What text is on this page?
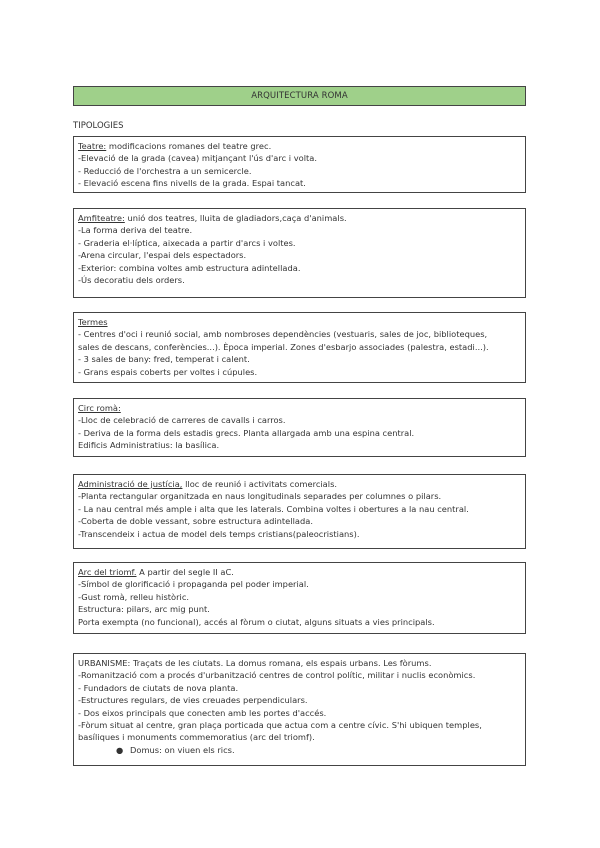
ARQUITECTURA ROMA
TIPOLOGIES
Teatre: modificacions romanes del teatre grec.
-Elevació de la grada (cavea) mitjançant l'ús d'arc i volta.
- Reducció de l'orchestra a un semicercle.
- Elevació escena fins nivells de la grada. Espai tancat.
Amfiteatre: unió dos teatres, lluita de gladiadors,caça d'animals.
-La forma deriva del teatre.
- Graderia el·líptica, aixecada a partir d'arcs i voltes.
-Arena circular, l'espai dels espectadors.
-Exterior: combina voltes amb estructura adintellada.
-Ús decoratiu dels orders.
Termes
- Centres d'oci i reunió social, amb nombroses dependències (vestuaris, sales de joc, biblioteques,
sales de descans, conferències...). Època imperial. Zones d'esbarjo associades (palestra, estadi...).
- 3 sales de bany: fred, temperat i calent.
- Grans espais coberts per voltes i cúpules.
Circ romà:
-Lloc de celebració de carreres de cavalls i carros.
- Deriva de la forma dels estadis grecs. Planta allargada amb una espina central.
Edificis Administratius: la basílica.
Administració de justícia, lloc de reunió i activitats comercials.
-Planta rectangular organitzada en naus longitudinals separades per columnes o pilars.
- La nau central més ample i alta que les laterals. Combina voltes i obertures a la nau central.
-Coberta de doble vessant, sobre estructura adintellada.
-Transcendeix i actua de model dels temps cristians(paleocristians).
Arc del triomf. A partir del segle II aC.
-Símbol de glorificació i propaganda pel poder imperial.
-Gust romà, relleu històric.
Estructura: pilars, arc mig punt.
Porta exempta (no funcional), accés al fòrum o ciutat, alguns situats a vies principals.
URBANISME: Traçats de les ciutats. La domus romana, els espais urbans. Les fòrums.
-Romanització com a procés d'urbanització centres de control polític, militar i nuclis econòmics.
- Fundadors de ciutats de nova planta.
-Estructures regulars, de vies creuades perpendiculars.
- Dos eixos principals que conecten amb les portes d'accés.
-Fòrum situat al centre, gran plaça porticada que actua com a centre cívic. S'hi ubiquen temples,
basíliques i monuments commemoratius (arc del triomf).
● Domus: on viuen els rics.
